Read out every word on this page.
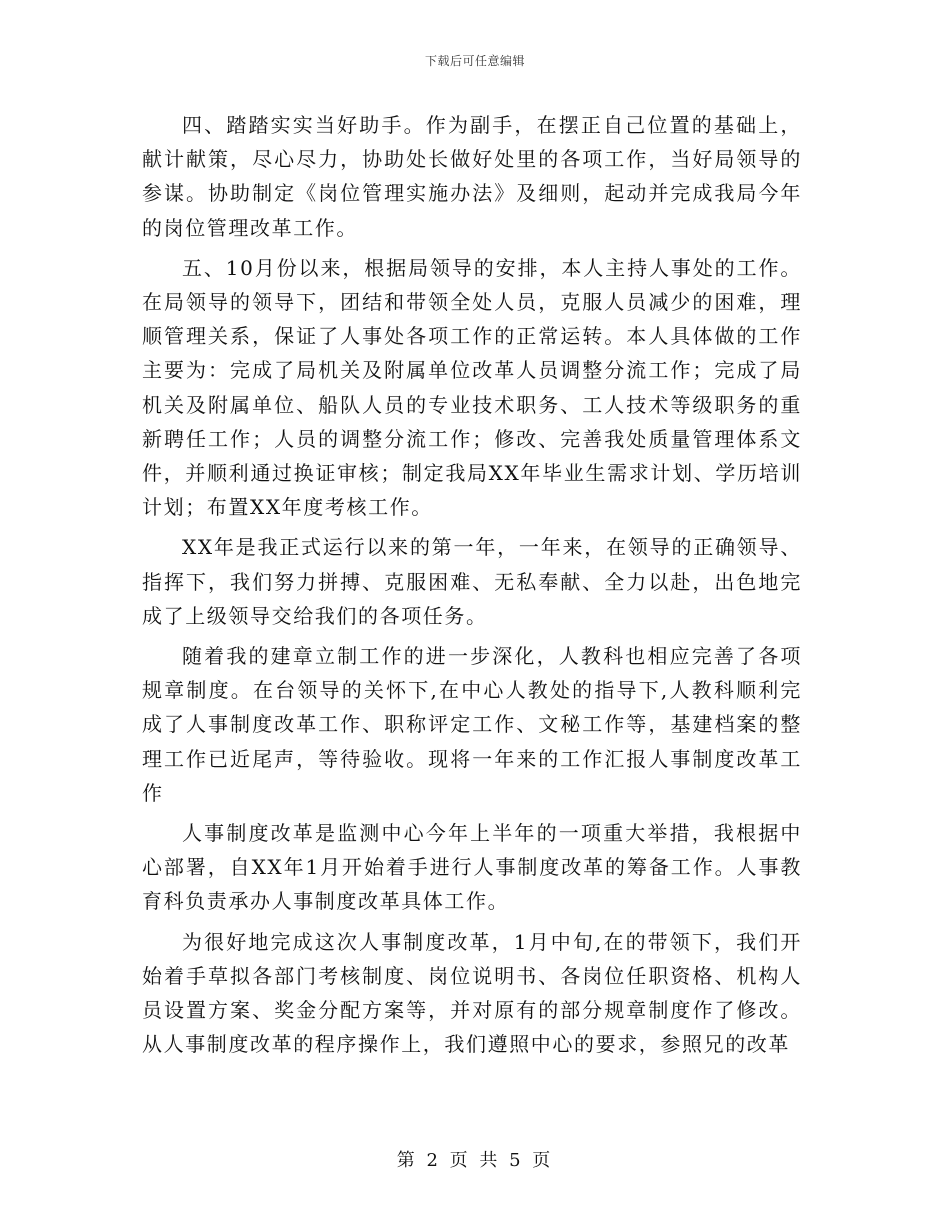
下载后可任意编辑

四、踏踏实实当好助手。作为副手，在摆正自己位置的基础上，献计献策，尽心尽力，协助处长做好处里的各项工作，当好局领导的参谋。协助制定《岗位管理实施办法》及细则，起动并完成我局今年的岗位管理改革工作。

五、10月份以来，根据局领导的安排，本人主持人事处的工作。在局领导的领导下，团结和带领全处人员，克服人员减少的困难，理顺管理关系，保证了人事处各项工作的正常运转。本人具体做的工作主要为：完成了局机关及附属单位改革人员调整分流工作；完成了局机关及附属单位、船队人员的专业技术职务、工人技术等级职务的重新聘任工作；人员的调整分流工作；修改、完善我处质量管理体系文件，并顺利通过换证审核；制定我局XX年毕业生需求计划、学历培训计划；布置XX年度考核工作。

XX年是我正式运行以来的第一年，一年来，在领导的正确领导、指挥下，我们努力拼搏、克服困难、无私奉献、全力以赴，出色地完成了上级领导交给我们的各项任务。

随着我的建章立制工作的进一步深化，人教科也相应完善了各项规章制度。在台领导的关怀下,在中心人教处的指导下,人教科顺利完成了人事制度改革工作、职称评定工作、文秘工作等，基建档案的整理工作已近尾声，等待验收。现将一年来的工作汇报人事制度改革工作

人事制度改革是监测中心今年上半年的一项重大举措，我根据中心部署，自XX年1月开始着手进行人事制度改革的筹备工作。人事教育科负责承办人事制度改革具体工作。

为很好地完成这次人事制度改革，1月中旬,在的带领下，我们开始着手草拟各部门考核制度、岗位说明书、各岗位任职资格、机构人员设置方案、奖金分配方案等，并对原有的部分规章制度作了修改。从人事制度改革的程序操作上，我们遵照中心的要求，参照兄的改革

第 2 页 共 5 页
